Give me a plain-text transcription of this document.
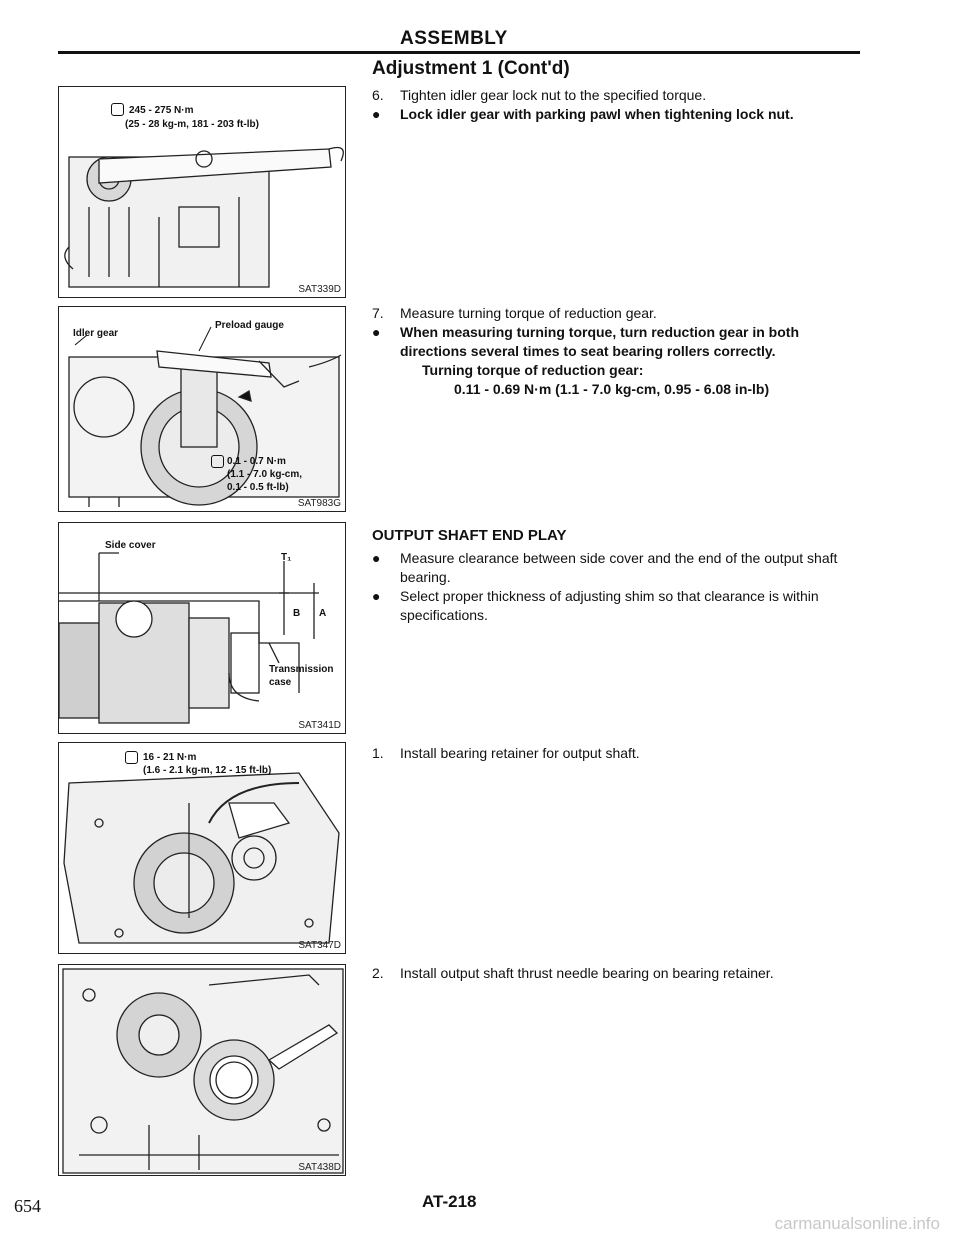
ASSEMBLY
Adjustment 1 (Cont'd)
245 - 275 N·m
(25 - 28 kg-m, 181 - 203 ft-lb)
SAT339D
Idler gear
Preload gauge
0.1 - 0.7 N·m
(1.1 - 7.0 kg-cm,
0.1 - 0.5 ft-lb)
SAT983G
Side cover
T₁
B A
Transmission
case
SAT341D
16 - 21 N·m
(1.6 - 2.1 kg-m, 12 - 15 ft-lb)
SAT347D
SAT438D

6. Tighten idler gear lock nut to the specified torque.

● Lock idler gear with parking pawl when tightening lock nut.

7. Measure turning torque of reduction gear.

● When measuring turning torque, turn reduction gear in both directions several times to seat bearing rollers correctly.

Turning torque of reduction gear:
0.11 - 0.69 N·m (1.1 - 7.0 kg-cm, 0.95 - 6.08 in-lb)

OUTPUT SHAFT END PLAY

● Measure clearance between side cover and the end of the output shaft bearing.

● Select proper thickness of adjusting shim so that clearance is within specifications.

1. Install bearing retainer for output shaft.

2. Install output shaft thrust needle bearing on bearing retainer.

654	AT-218
carmanualsonline.info
